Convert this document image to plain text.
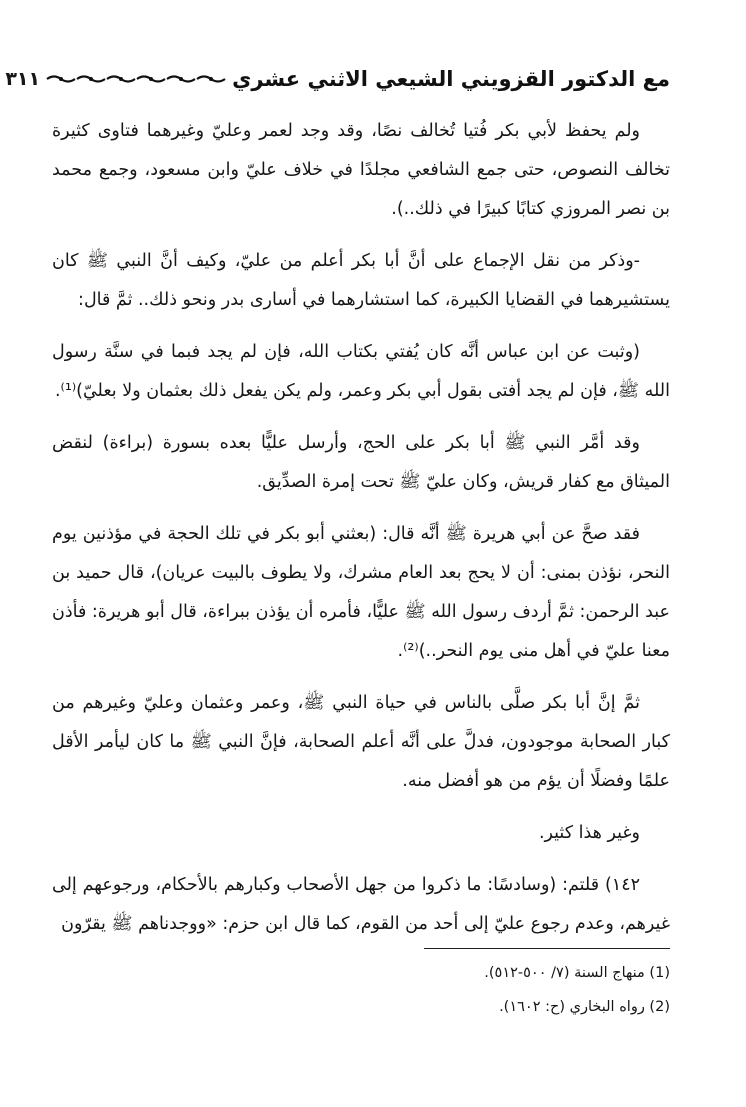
مع الدكتور القزويني الشيعي الاثني عشري
٣١١

ولم يحفظ لأبي بكر فُتيا تُخالف نصًا، وقد وجد لعمر وعليّ وغيرهما فتاوى كثيرة تخالف النصوص، حتى جمع الشافعي مجلدًا في خلاف عليّ وابن مسعود، وجمع محمد بن نصر المروزي كتابًا كبيرًا في ذلك..).

-وذكر من نقل الإجماع على أنَّ أبا بكر أعلم من عليّ، وكيف أنَّ النبي ﷺ كان يستشيرهما في القضايا الكبيرة، كما استشارهما في أسارى بدر ونحو ذلك.. ثمَّ قال:

(وثبت عن ابن عباس أنَّه كان يُفتي بكتاب الله، فإن لم يجد فبما في سنَّة رسول الله ﷺ، فإن لم يجد أفتى بقول أبي بكر وعمر، ولم يكن يفعل ذلك بعثمان ولا بعليّ)⁽¹⁾.

وقد أمَّر النبي ﷺ أبا بكر على الحج، وأرسل عليًّا بعده بسورة (براءة) لنقض الميثاق مع كفار قريش، وكان عليّ ﷺ تحت إمرة الصدِّيق.

فقد صحَّ عن أبي هريرة ﷺ أنَّه قال: (بعثني أبو بكر في تلك الحجة في مؤذنين يوم النحر، نؤذن بمنى: أن لا يحج بعد العام مشرك، ولا يطوف بالبيت عريان)، قال حميد بن عبد الرحمن: ثمَّ أردف رسول الله ﷺ عليًّا، فأمره أن يؤذن ببراءة، قال أبو هريرة: فأذن معنا عليّ في أهل منى يوم النحر..)⁽²⁾.

ثمَّ إنَّ أبا بكر صلَّى بالناس في حياة النبي ﷺ، وعمر وعثمان وعليّ وغيرهم من كبار الصحابة موجودون، فدلَّ على أنَّه أعلم الصحابة، فإنَّ النبي ﷺ ما كان ليأمر الأقل علمًا وفضلًا أن يؤم من هو أفضل منه.

وغير هذا كثير.

١٤٢) قلتم: (وسادسًا: ما ذكروا من جهل الأصحاب وكبارهم بالأحكام، ورجوعهم إلى غيرهم، وعدم رجوع عليّ إلى أحد من القوم، كما قال ابن حزم: «ووجدناهم ﷺ يقرّون

(1) منهاج السنة (٧/ ٥٠٠-٥١٢).

(2) رواه البخاري (ح: ١٦٠٢).
